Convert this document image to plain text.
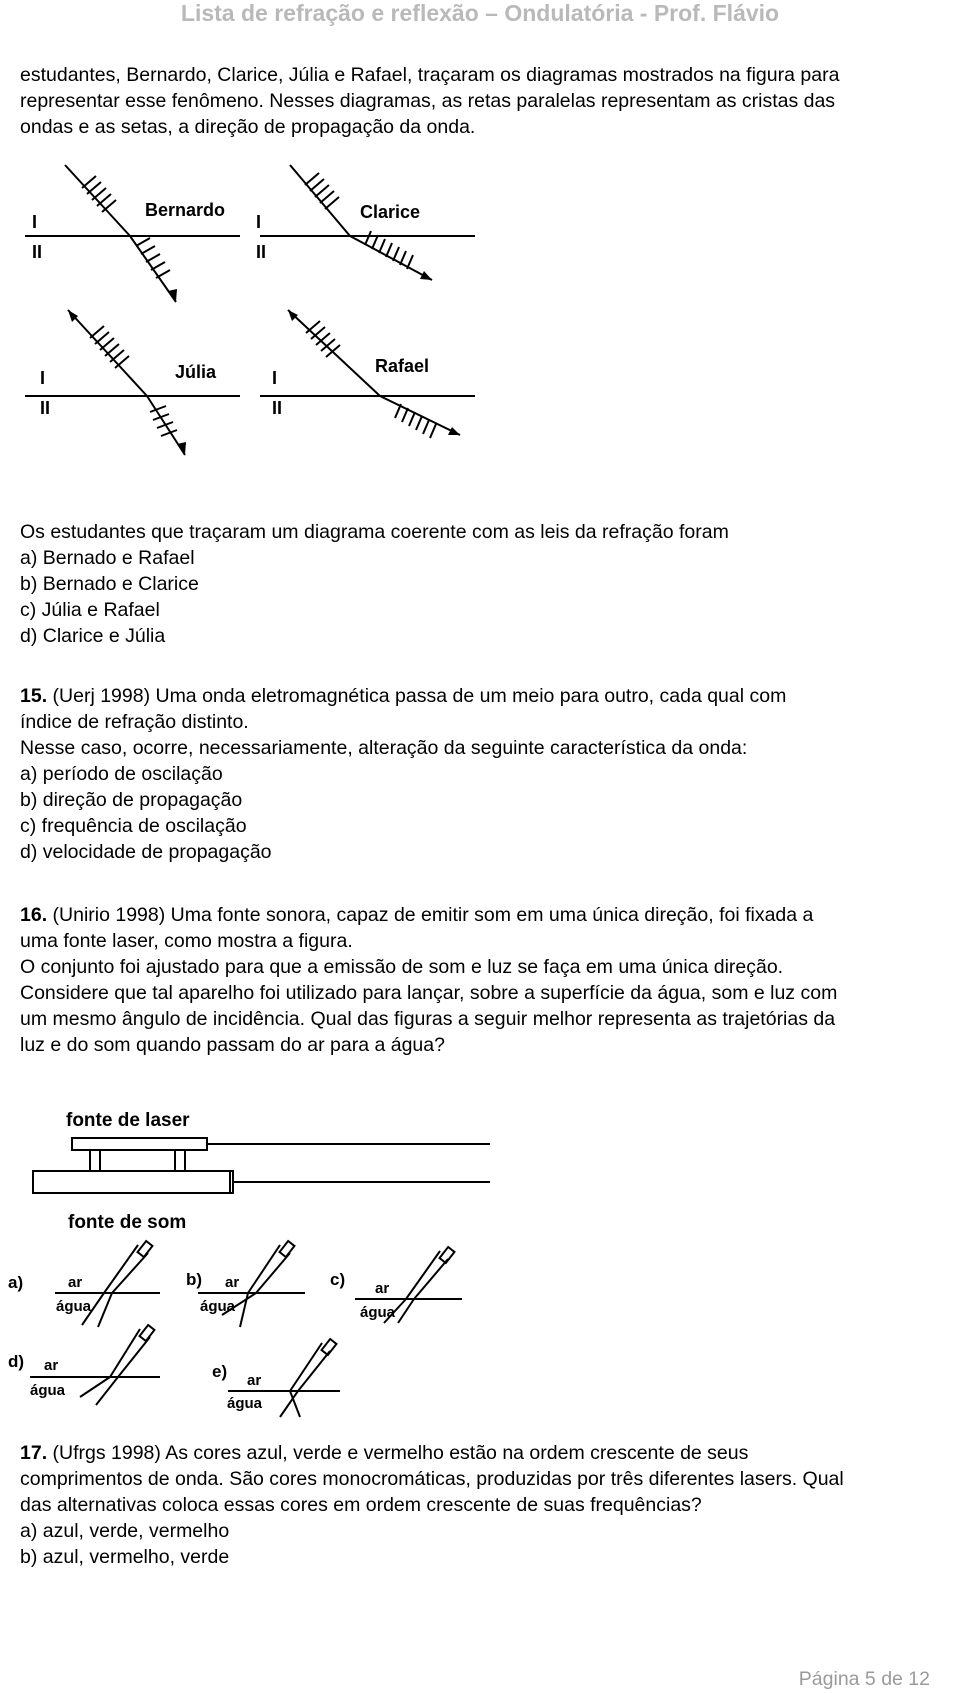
Lista de refração e reflexão – Ondulatória - Prof. Flávio
estudantes, Bernardo, Clarice, Júlia e Rafael, traçaram os diagramas mostrados na figura para
representar esse fenômeno. Nesses diagramas, as retas paralelas representam as cristas das
ondas e as setas, a direção de propagação da onda.
I
II
I
II
I
II
I
II
Bernardo	Clarice
Júlia	Rafael
Os estudantes que traçaram um diagrama coerente com as leis da refração foram
a) Bernado e Rafael
b) Bernado e Clarice
c) Júlia e Rafael
d) Clarice e Júlia
15. (Uerj 1998) Uma onda eletromagnética passa de um meio para outro, cada qual com
índice de refração distinto.
Nesse caso, ocorre, necessariamente, alteração da seguinte característica da onda:
a) período de oscilação
b) direção de propagação
c) frequência de oscilação
d) velocidade de propagação
16. (Unirio 1998) Uma fonte sonora, capaz de emitir som em uma única direção, foi fixada a
uma fonte laser, como mostra a figura.
O conjunto foi ajustado para que a emissão de som e luz se faça em uma única direção.
Considere que tal aparelho foi utilizado para lançar, sobre a superfície da água, som e luz com
um mesmo ângulo de incidência. Qual das figuras a seguir melhor representa as trajetórias da
luz e do som quando passam do ar para a água?
fonte de laser
fonte de som
a)	b)	c)
d)
e)
ar
água
ar
água
ar
água
ar
água
ar
água
17. (Ufrgs 1998) As cores azul, verde e vermelho estão na ordem crescente de seus
comprimentos de onda. São cores monocromáticas, produzidas por três diferentes lasers. Qual
das alternativas coloca essas cores em ordem crescente de suas frequências?
a) azul, verde, vermelho
b) azul, vermelho, verde
Página 5 de 12
